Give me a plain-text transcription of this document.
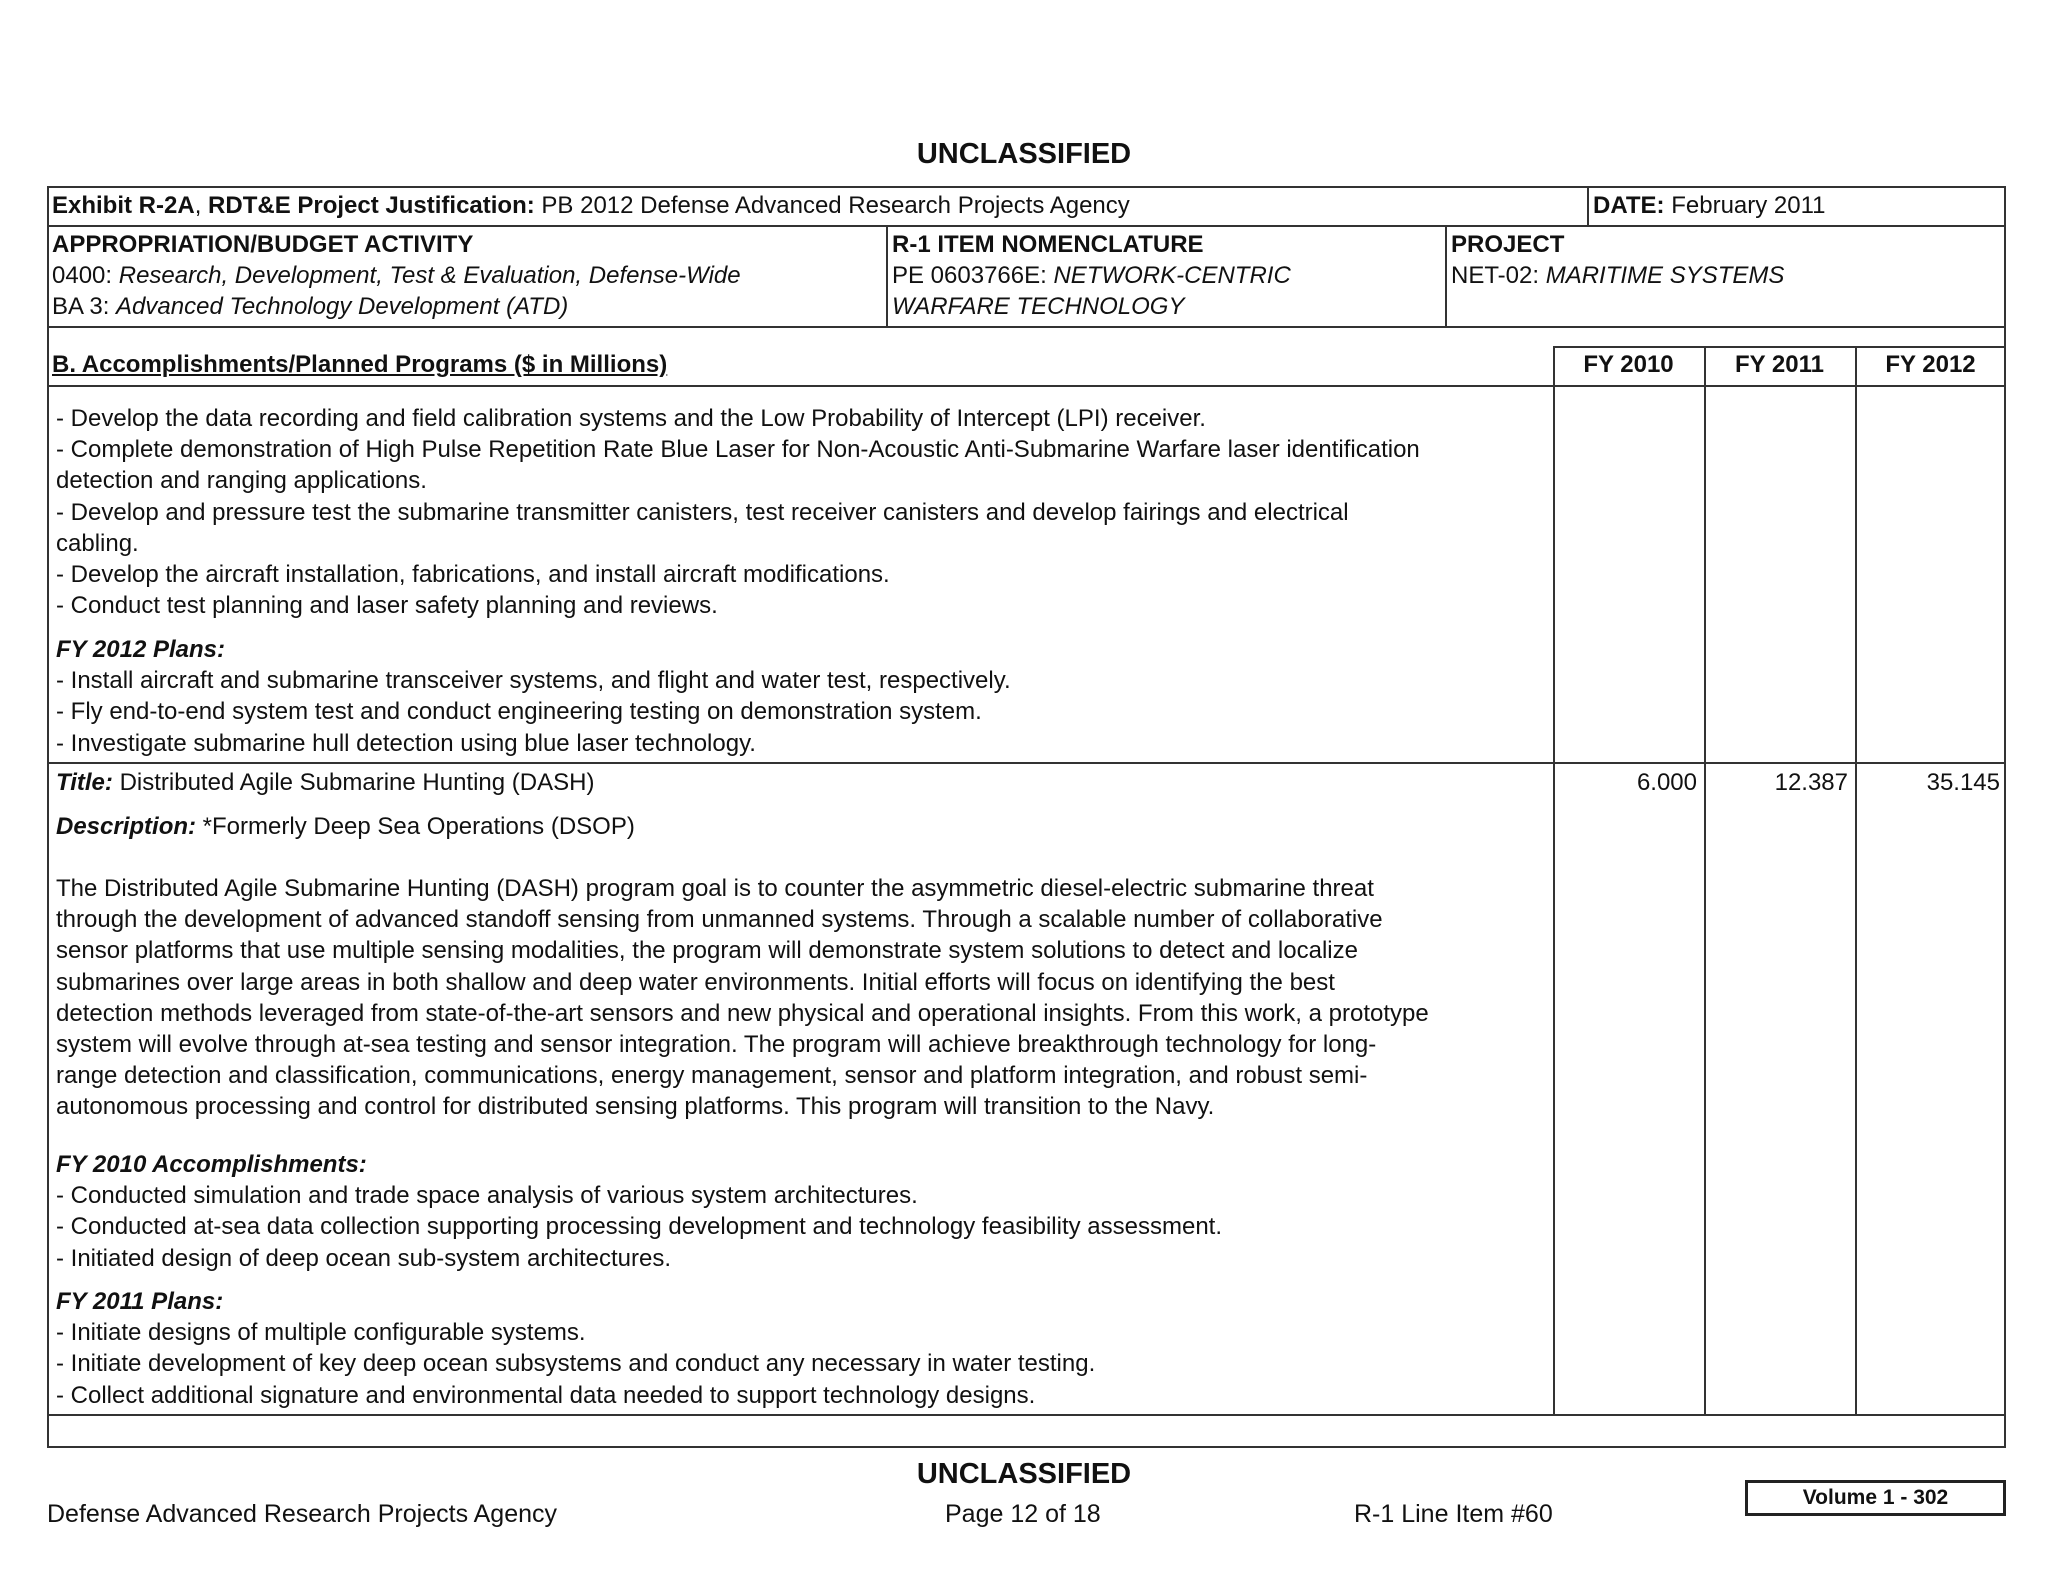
UNCLASSIFIED
Exhibit R-2A, RDT&E Project Justification: PB 2012 Defense Advanced Research Projects Agency	DATE: February 2011
APPROPRIATION/BUDGET ACTIVITY
0400: Research, Development, Test & Evaluation, Defense-Wide
BA 3: Advanced Technology Development (ATD)
R-1 ITEM NOMENCLATURE
PE 0603766E: NETWORK-CENTRIC
WARFARE TECHNOLOGY
PROJECT
NET-02: MARITIME SYSTEMS
B. Accomplishments/Planned Programs ($ in Millions)	FY 2010	FY 2011	FY 2012
- Develop the data recording and field calibration systems and the Low Probability of Intercept (LPI) receiver.
- Complete demonstration of High Pulse Repetition Rate Blue Laser for Non-Acoustic Anti-Submarine Warfare laser identification
detection and ranging applications.
- Develop and pressure test the submarine transmitter canisters, test receiver canisters and develop fairings and electrical
cabling.
- Develop the aircraft installation, fabrications, and install aircraft modifications.
- Conduct test planning and laser safety planning and reviews.
FY 2012 Plans:
- Install aircraft and submarine transceiver systems, and flight and water test, respectively.
- Fly end-to-end system test and conduct engineering testing on demonstration system.
- Investigate submarine hull detection using blue laser technology.
Title: Distributed Agile Submarine Hunting (DASH)	6.000	12.387	35.145
Description: *Formerly Deep Sea Operations (DSOP)
The Distributed Agile Submarine Hunting (DASH) program goal is to counter the asymmetric diesel-electric submarine threat
through the development of advanced standoff sensing from unmanned systems. Through a scalable number of collaborative
sensor platforms that use multiple sensing modalities, the program will demonstrate system solutions to detect and localize
submarines over large areas in both shallow and deep water environments. Initial efforts will focus on identifying the best
detection methods leveraged from state-of-the-art sensors and new physical and operational insights. From this work, a prototype
system will evolve through at-sea testing and sensor integration. The program will achieve breakthrough technology for long-
range detection and classification, communications, energy management, sensor and platform integration, and robust semi-
autonomous processing and control for distributed sensing platforms. This program will transition to the Navy.
FY 2010 Accomplishments:
- Conducted simulation and trade space analysis of various system architectures.
- Conducted at-sea data collection supporting processing development and technology feasibility assessment.
- Initiated design of deep ocean sub-system architectures.
FY 2011 Plans:
- Initiate designs of multiple configurable systems.
- Initiate development of key deep ocean subsystems and conduct any necessary in water testing.
- Collect additional signature and environmental data needed to support technology designs.
UNCLASSIFIED
Defense Advanced Research Projects Agency	Page 12 of 18	R-1 Line Item #60
Volume 1 - 302
